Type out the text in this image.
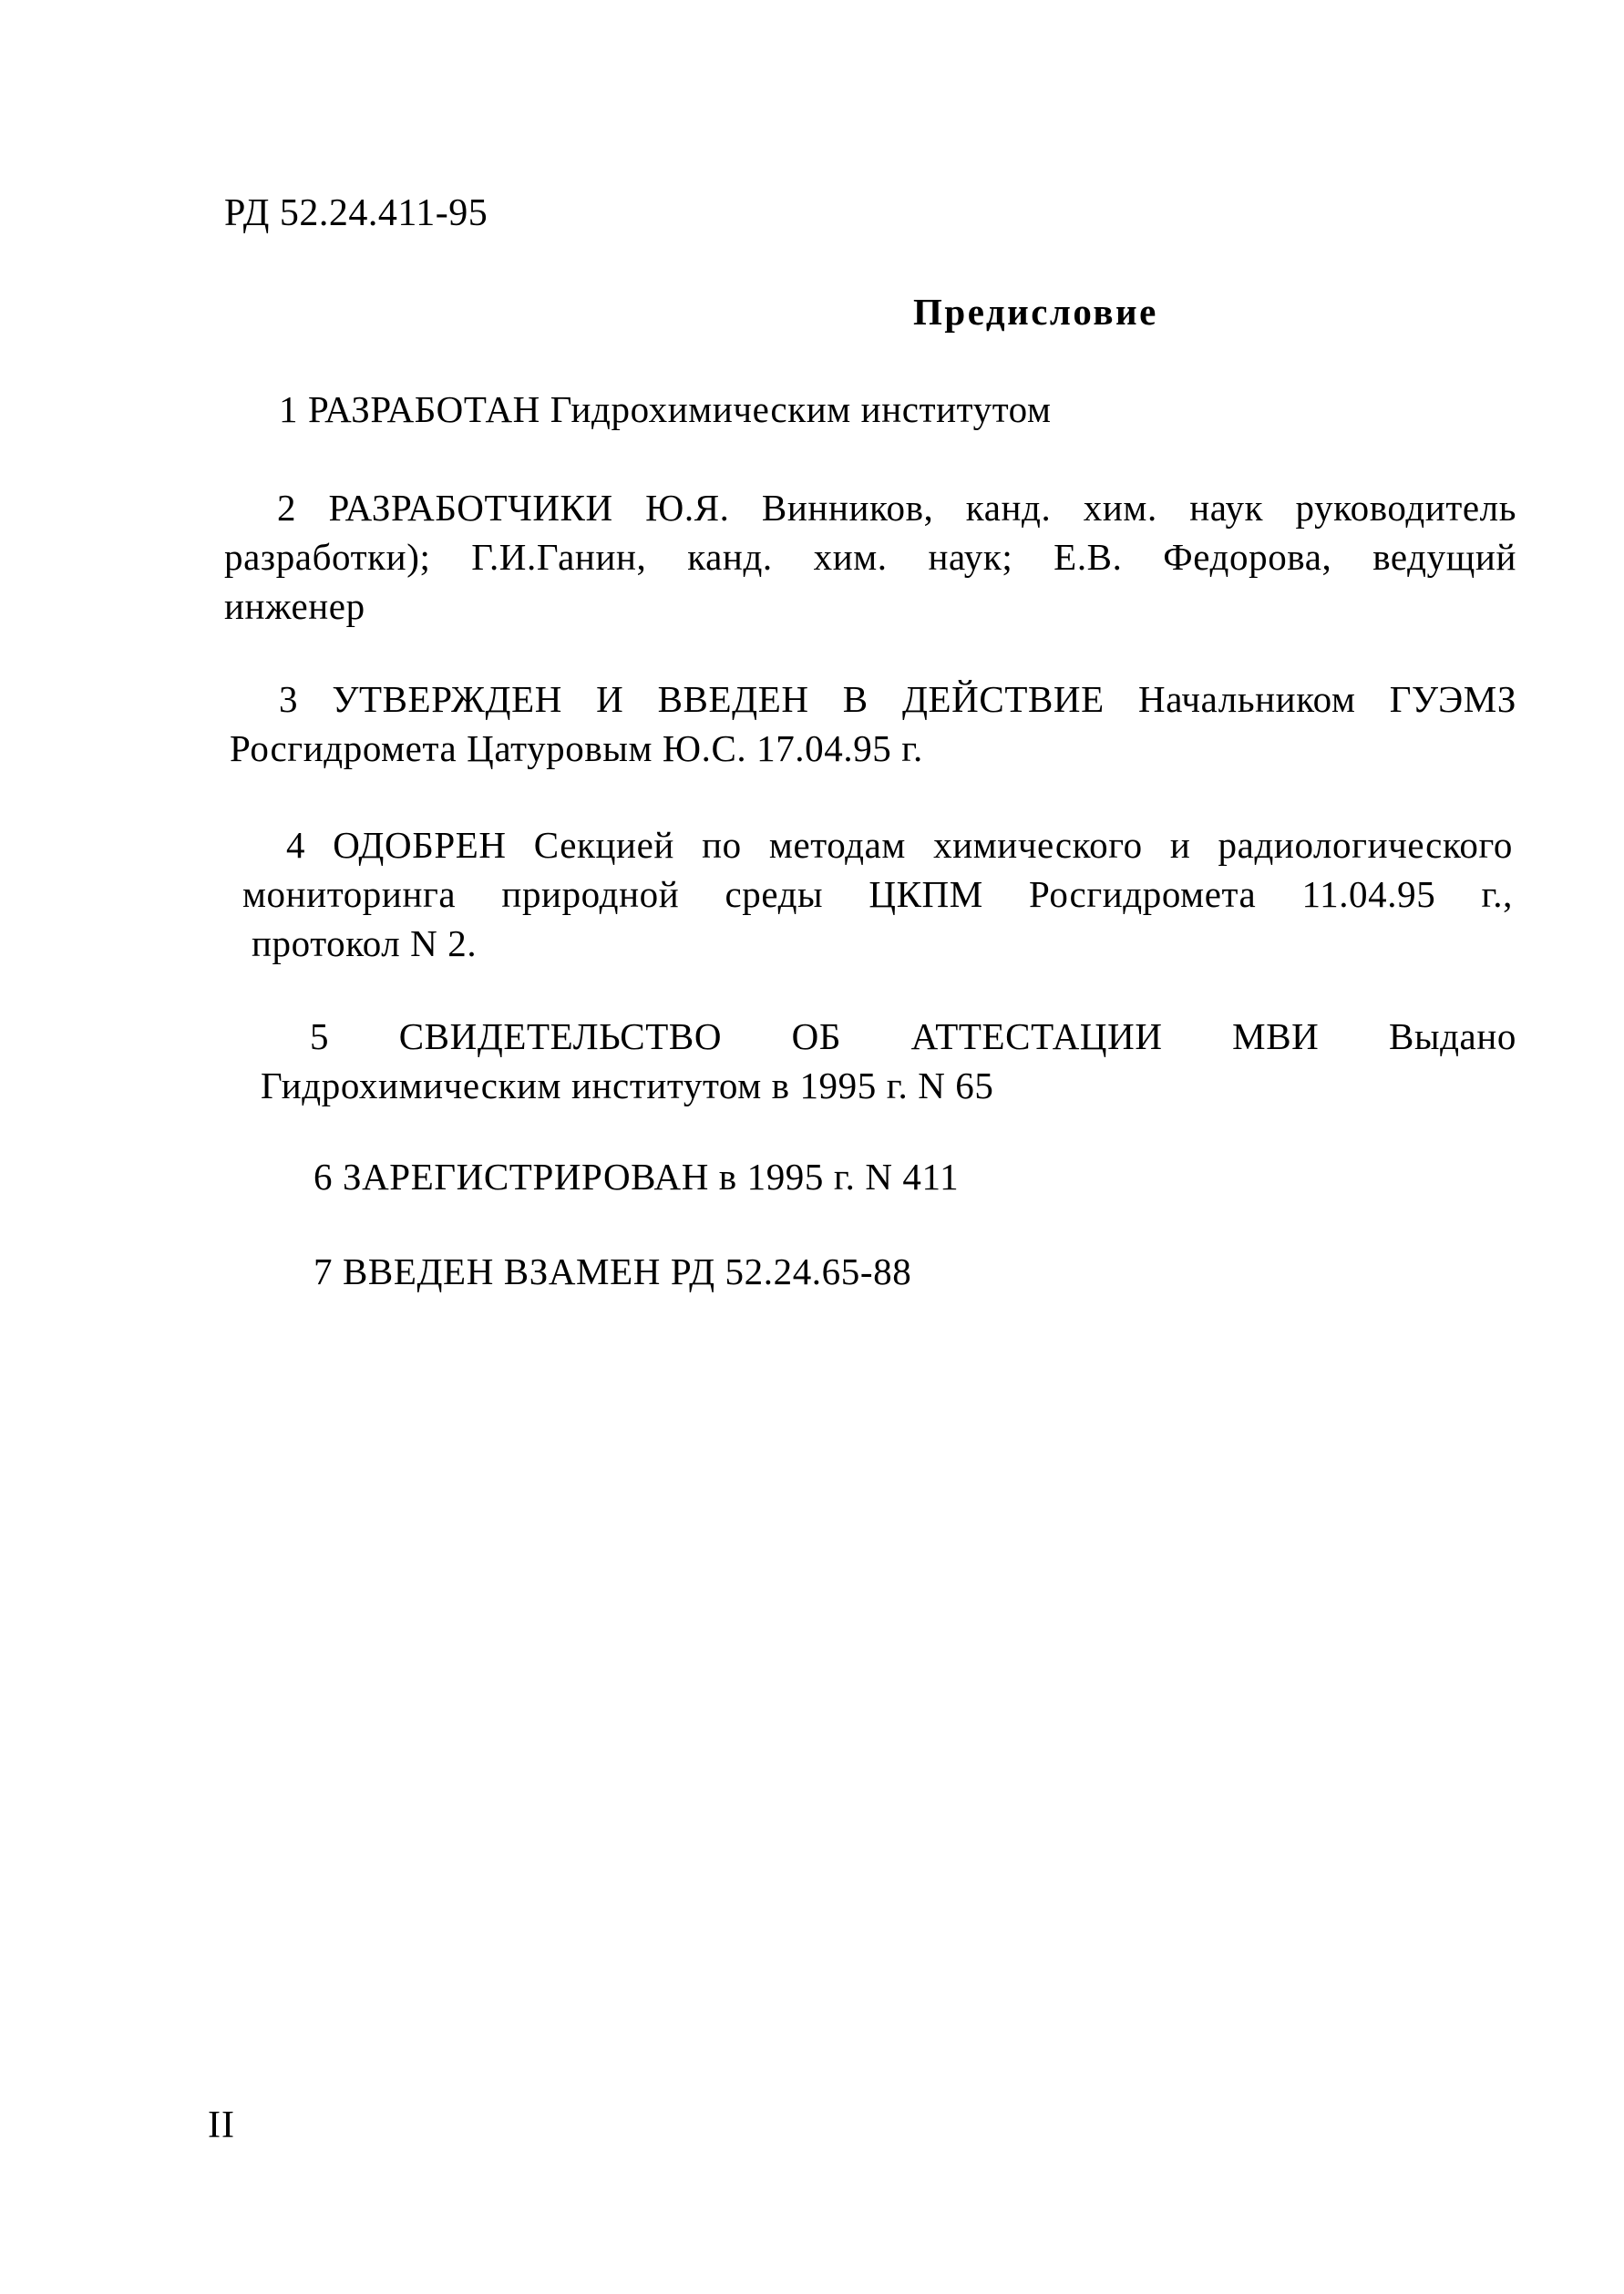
РД 52.24.411-95
Предисловие
1 РАЗРАБОТАН Гидрохимическим институтом
2 РАЗРАБОТЧИКИ Ю.Я. Винников, канд. хим. наук руководитель
разработки); Г.И.Ганин, канд. хим. наук; Е.В. Федорова, ведущий
инженер
3 УТВЕРЖДЕН И ВВЕДЕН В ДЕЙСТВИЕ Начальником ГУЭМЗ
Росгидромета Цатуровым Ю.С. 17.04.95 г.
4 ОДОБРЕН Секцией по методам химического и радиологического
мониторинга природной среды ЦКПМ Росгидромета 11.04.95 г.,
протокол N 2.
5 СВИДЕТЕЛЬСТВО ОБ АТТЕСТАЦИИ МВИ Выдано
Гидрохимическим институтом в 1995 г. N 65
6 ЗАРЕГИСТРИРОВАН в 1995 г. N 411
7 ВВЕДЕН ВЗАМЕН РД 52.24.65-88
II
